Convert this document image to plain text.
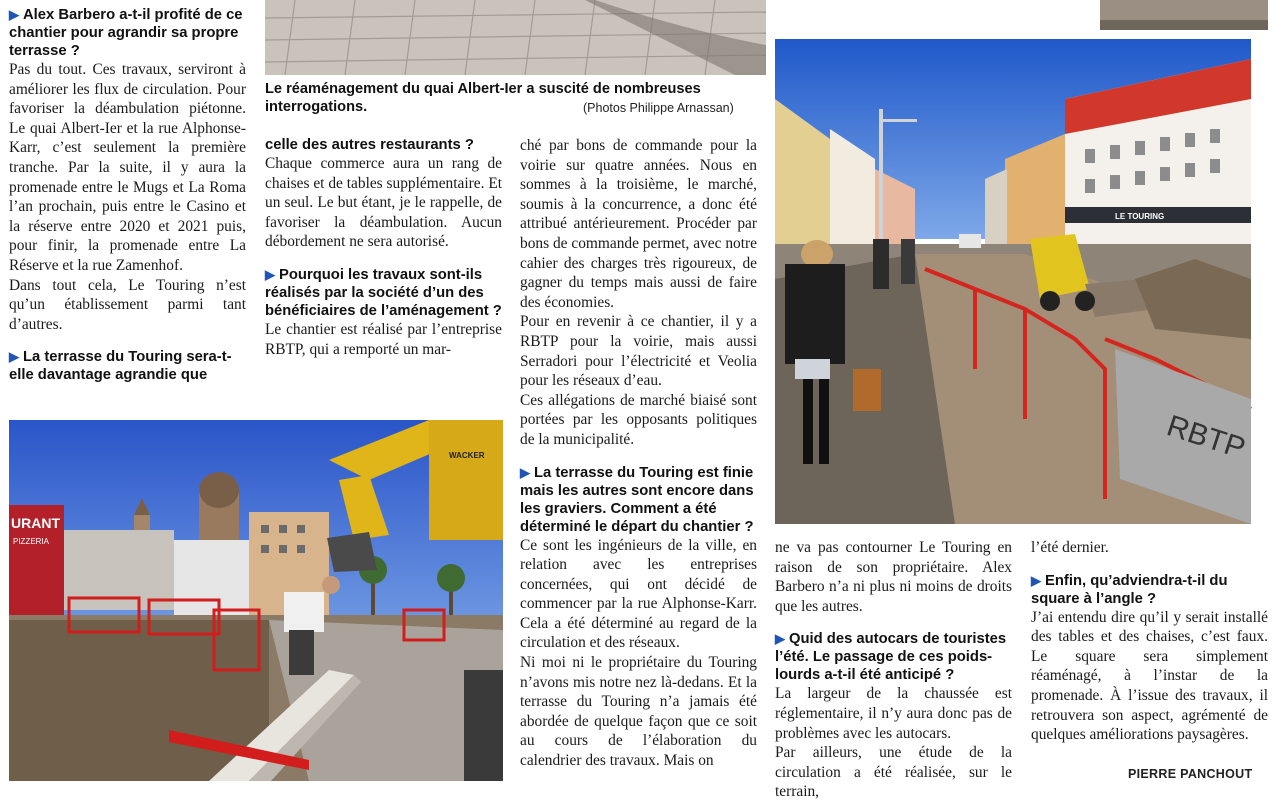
▶ Alex Barbero a-t-il profité de ce chantier pour agrandir sa propre terrasse ?

Pas du tout. Ces travaux, serviront à améliorer les flux de circulation. Pour favoriser la déambulation piétonne. Le quai Albert-Ier et la rue Alphonse-Karr, c’est seulement la première tranche. Par la suite, il y aura la promenade entre le Mugs et La Roma l’an prochain, puis entre le Casino et la réserve entre 2020 et 2021 puis, pour finir, la promenade entre La Réserve et la rue Zamenhof.

Dans tout cela, Le Touring n’est qu’un établissement parmi tant d’autres.

▶ La terrasse du Touring sera-t-elle davantage agrandie que

Le réaménagement du quai Albert-Ier a suscité de nombreuses interrogations.	(Photos Philippe Arnassan)

celle des autres restaurants ?

Chaque commerce aura un rang de chaises et de tables supplémentaire. Et un seul. Le but étant, je le rappelle, de favoriser la déambulation. Aucun débordement ne sera autorisé.

▶ Pourquoi les travaux sont-ils réalisés par la société d’un des bénéficiaires de l’aménagement ?

Le chantier est réalisé par l’entreprise RBTP, qui a remporté un mar-

ché par bons de commande pour la voirie sur quatre années. Nous en sommes à la troisième, le marché, soumis à la concurrence, a donc été attribué antérieurement. Procéder par bons de commande permet, avec notre cahier des charges très rigoureux, de gagner du temps mais aussi de faire des économies.

Pour en revenir à ce chantier, il y a RBTP pour la voirie, mais aussi Serradori pour l’électricité et Veolia pour les réseaux d’eau.

Ces allégations de marché biaisé sont portées par les opposants politiques de la municipalité.

▶ La terrasse du Touring est finie mais les autres sont encore dans les graviers. Comment a été déterminé le départ du chantier ?

Ce sont les ingénieurs de la ville, en relation avec les entreprises concernées, qui ont décidé de commencer par la rue Alphonse-Karr. Cela a été déterminé au regard de la circulation et des réseaux.

Ni moi ni le propriétaire du Touring n’avons mis notre nez là-dedans. Et la terrasse du Touring n’a jamais été abordée de quelque façon que ce soit au cours de l’élaboration du calendrier des travaux. Mais on

URANT
PIZZERIA
WACKER
LE TOURING
RBTP

ne va pas contourner Le Touring en raison de son propriétaire. Alex Barbero n’a ni plus ni moins de droits que les autres.

▶ Quid des autocars de touristes l’été. Le passage de ces poids-lourds a-t-il été anticipé ?

La largeur de la chaussée est réglementaire, il n’y aura donc pas de problèmes avec les autocars.

Par ailleurs, une étude de la circulation a été réalisée, sur le terrain,

l’été dernier.

▶ Enfin, qu’adviendra-t-il du square à l’angle ?

J’ai entendu dire qu’il y serait installé des tables et des chaises, c’est faux. Le square sera simplement réaménagé, à l’instar de la promenade. À l’issue des travaux, il retrouvera son aspect, agrémenté de quelques améliorations paysagères.

PIERRE PANCHOUT
